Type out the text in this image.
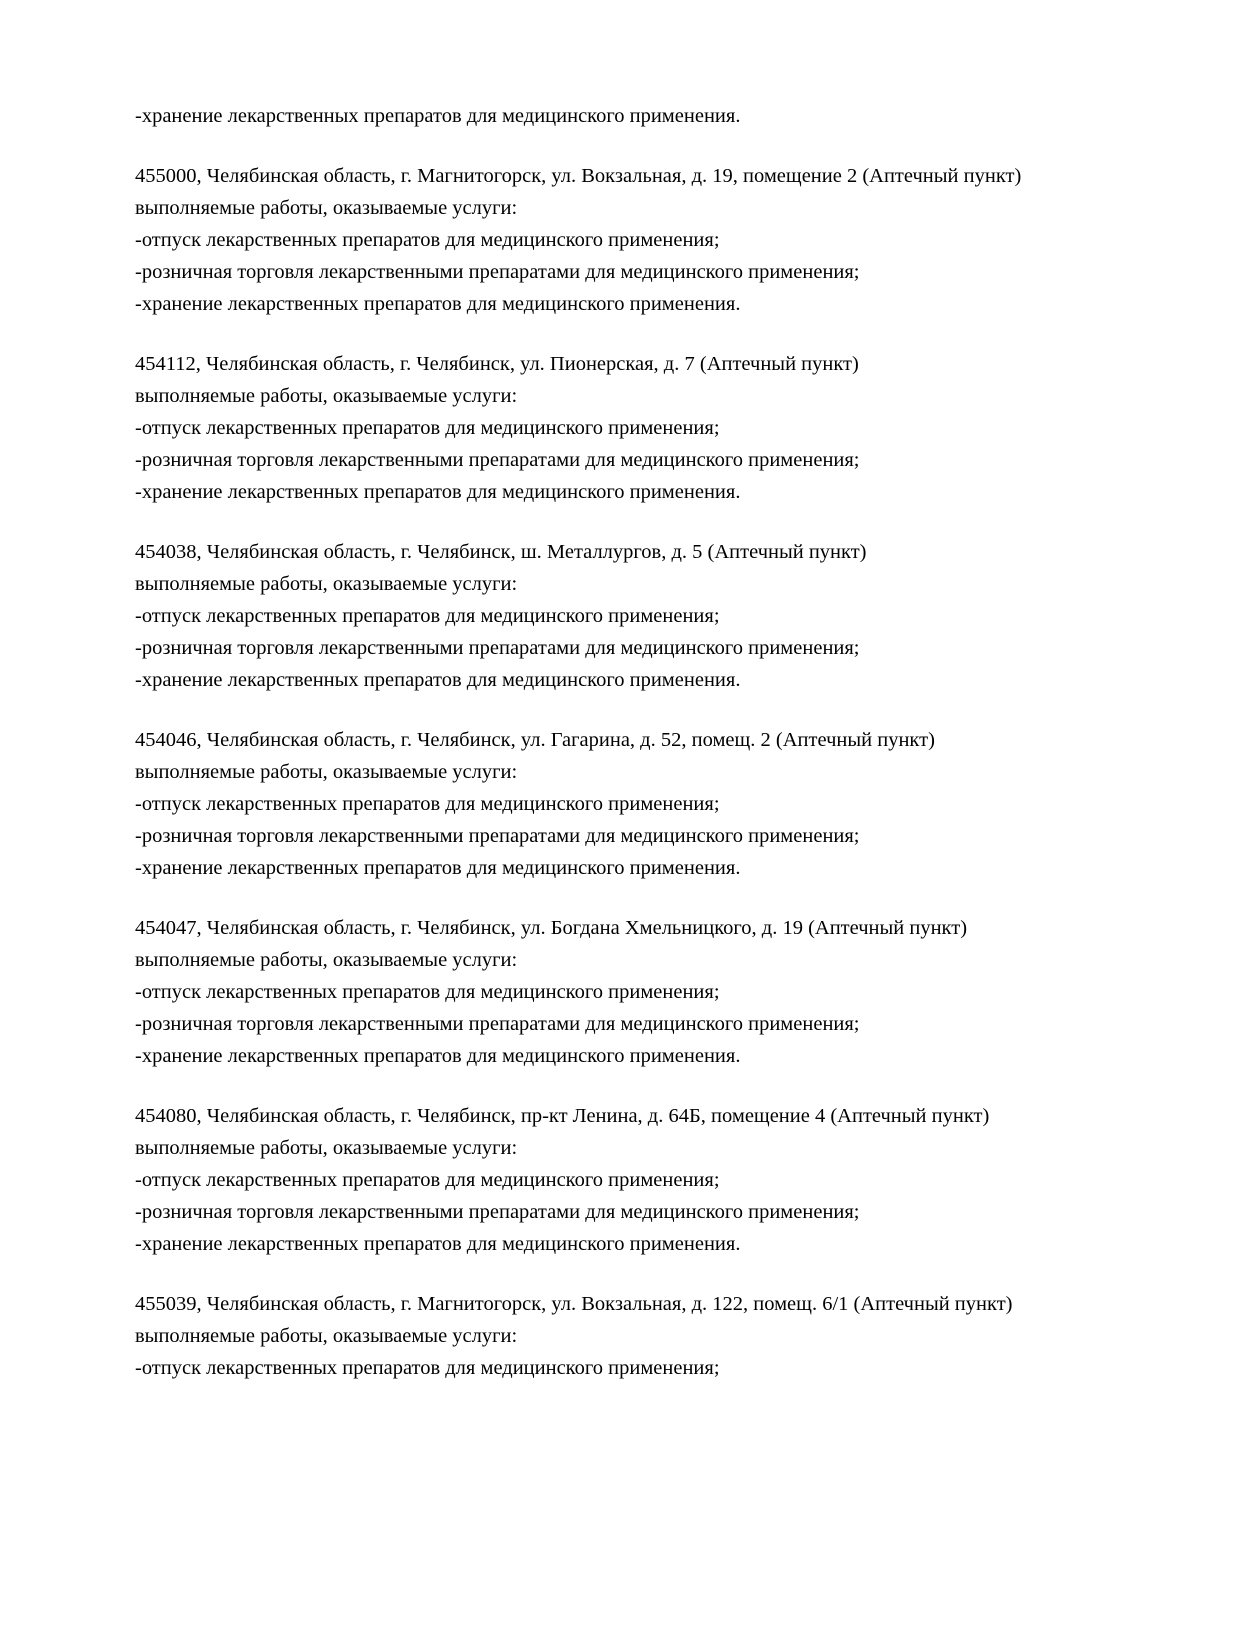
-хранение лекарственных препаратов для медицинского применения.
455000, Челябинская область, г. Магнитогорск, ул. Вокзальная, д. 19, помещение 2 (Аптечный пункт)
выполняемые работы, оказываемые услуги:
-отпуск лекарственных препаратов для медицинского применения;
-розничная торговля лекарственными препаратами для медицинского применения;
-хранение лекарственных препаратов для медицинского применения.
454112, Челябинская область, г. Челябинск, ул. Пионерская, д. 7 (Аптечный пункт)
выполняемые работы, оказываемые услуги:
-отпуск лекарственных препаратов для медицинского применения;
-розничная торговля лекарственными препаратами для медицинского применения;
-хранение лекарственных препаратов для медицинского применения.
454038, Челябинская область, г. Челябинск, ш. Металлургов, д. 5 (Аптечный пункт)
выполняемые работы, оказываемые услуги:
-отпуск лекарственных препаратов для медицинского применения;
-розничная торговля лекарственными препаратами для медицинского применения;
-хранение лекарственных препаратов для медицинского применения.
454046, Челябинская область, г. Челябинск, ул. Гагарина, д. 52, помещ. 2 (Аптечный пункт)
выполняемые работы, оказываемые услуги:
-отпуск лекарственных препаратов для медицинского применения;
-розничная торговля лекарственными препаратами для медицинского применения;
-хранение лекарственных препаратов для медицинского применения.
454047, Челябинская область, г. Челябинск, ул. Богдана Хмельницкого, д. 19 (Аптечный пункт)
выполняемые работы, оказываемые услуги:
-отпуск лекарственных препаратов для медицинского применения;
-розничная торговля лекарственными препаратами для медицинского применения;
-хранение лекарственных препаратов для медицинского применения.
454080, Челябинская область, г. Челябинск, пр-кт Ленина, д. 64Б, помещение 4 (Аптечный пункт)
выполняемые работы, оказываемые услуги:
-отпуск лекарственных препаратов для медицинского применения;
-розничная торговля лекарственными препаратами для медицинского применения;
-хранение лекарственных препаратов для медицинского применения.
455039, Челябинская область, г. Магнитогорск, ул. Вокзальная, д. 122, помещ. 6/1 (Аптечный пункт)
выполняемые работы, оказываемые услуги:
-отпуск лекарственных препаратов для медицинского применения;
